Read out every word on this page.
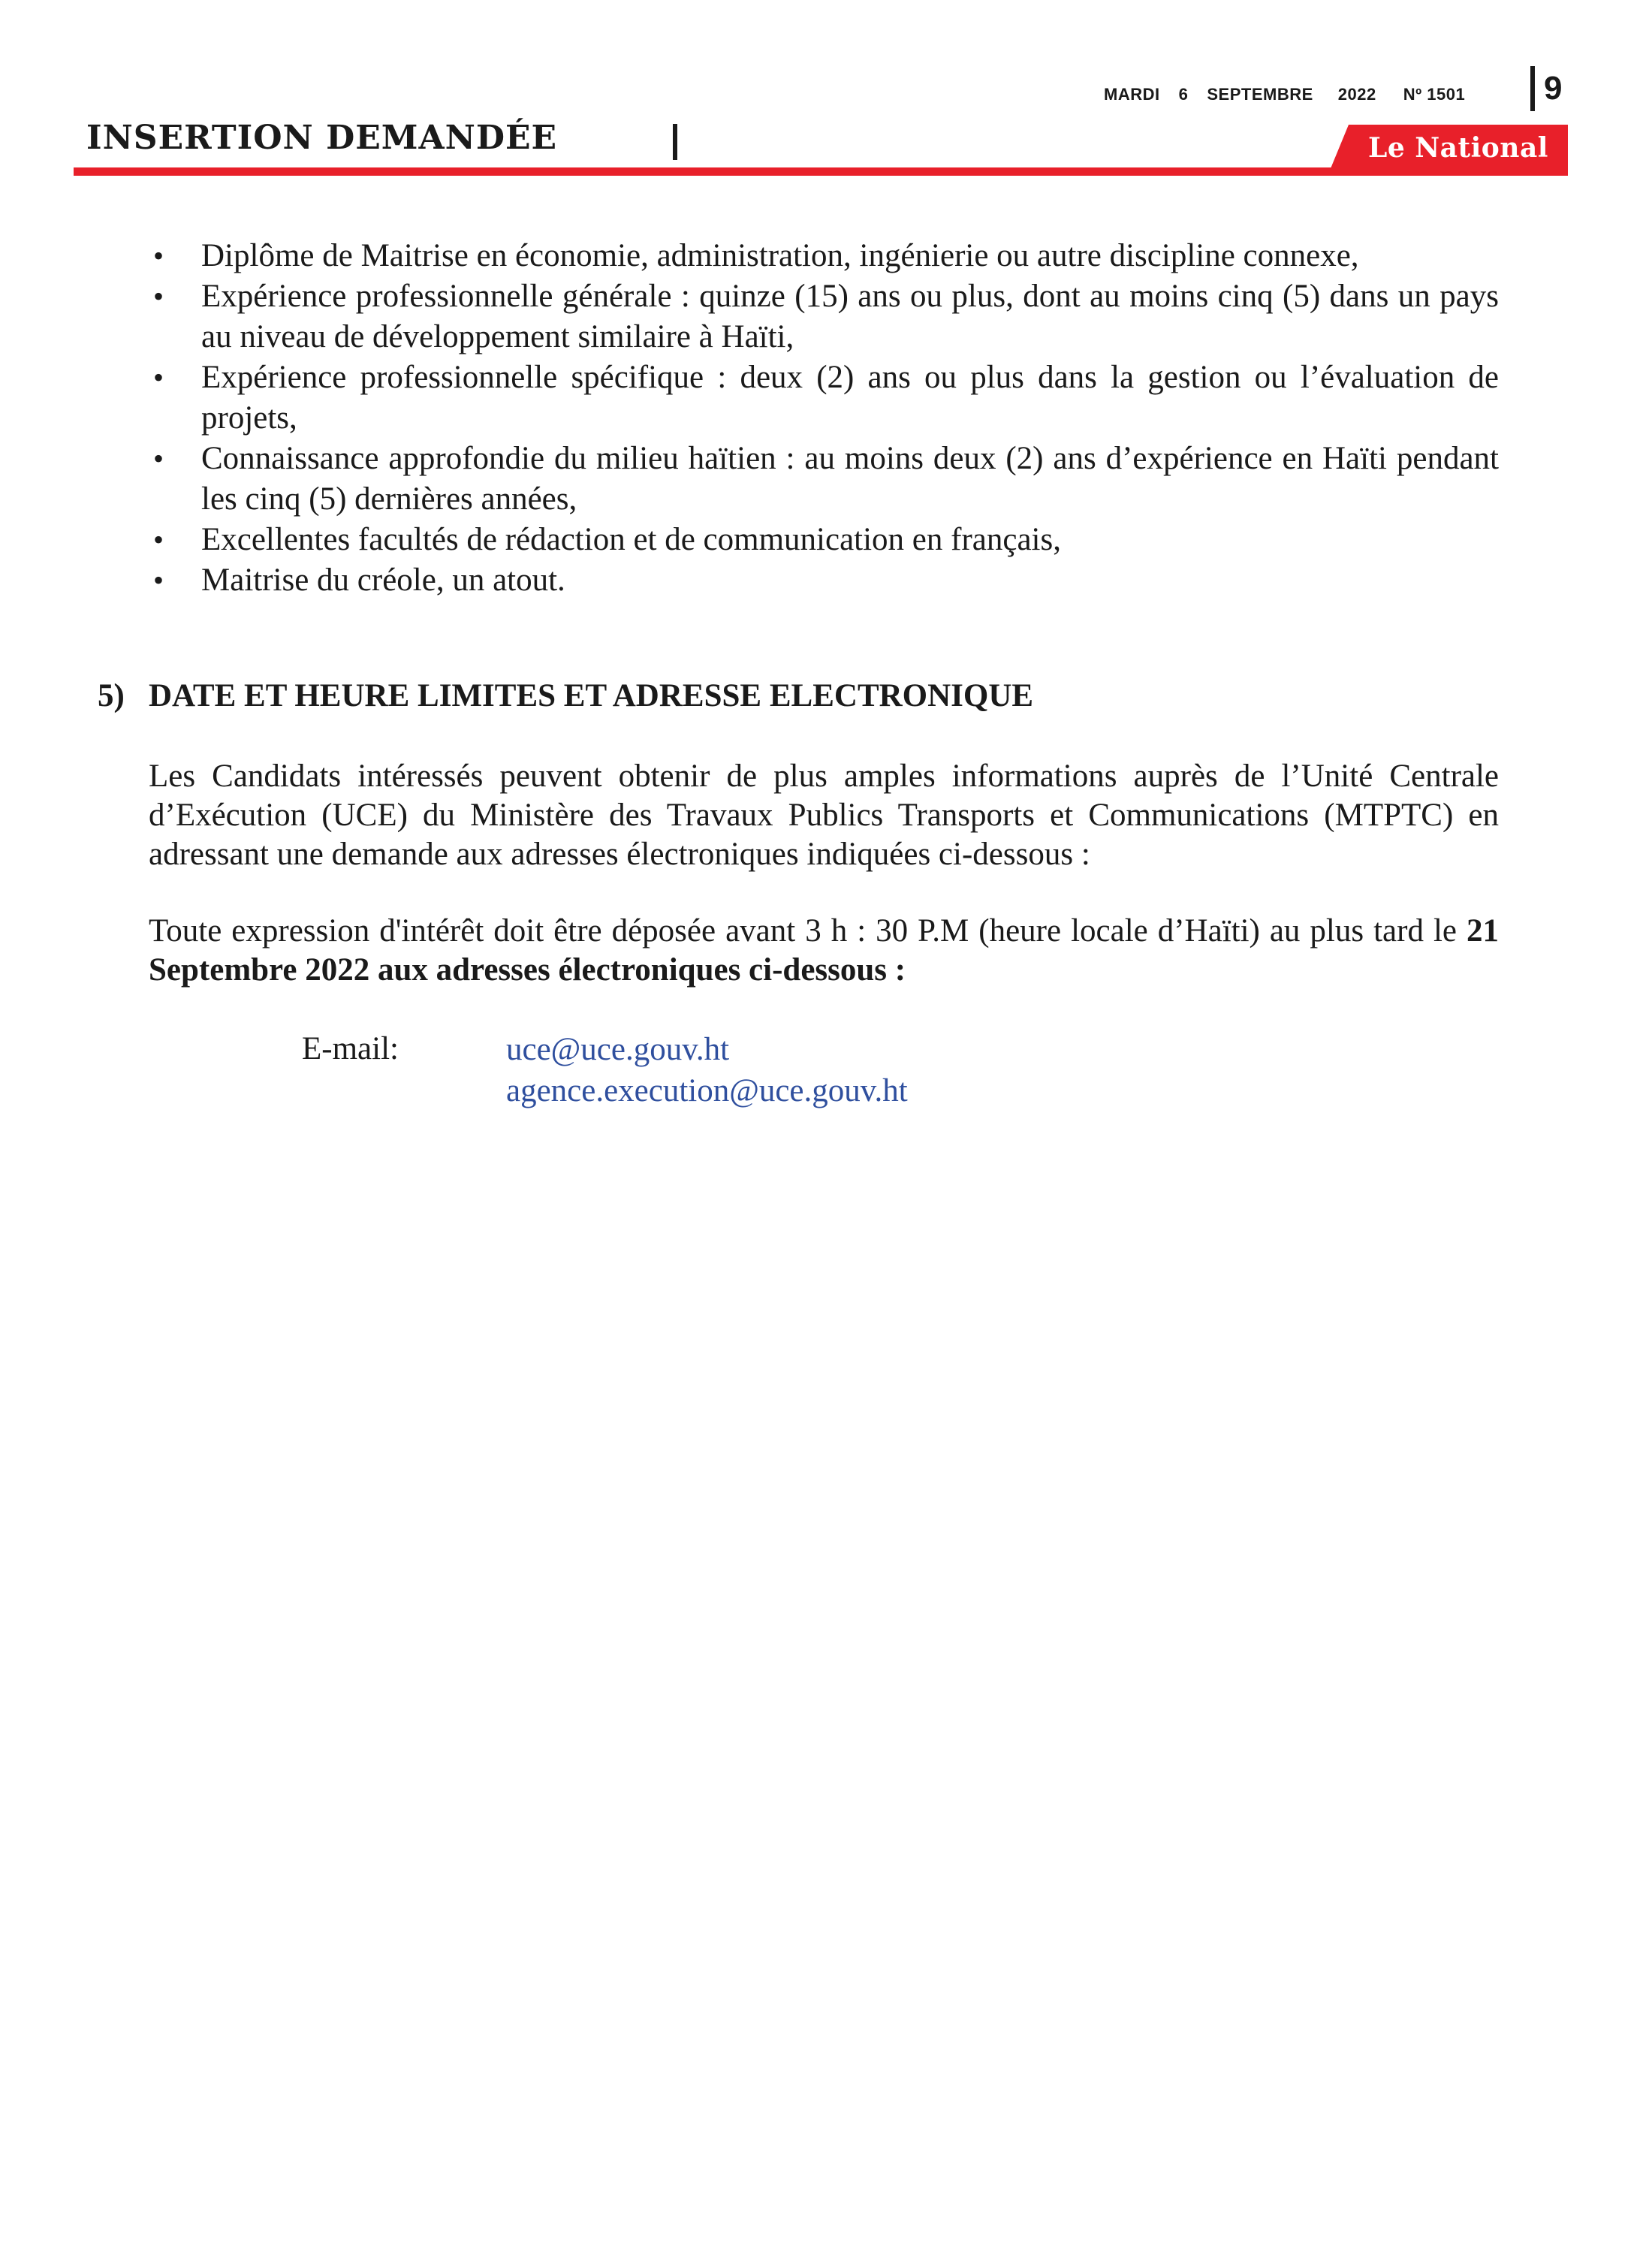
MARDI 6 SEPTEMBRE 2022 Nº 1501	9
INSERTION DEMANDÉE	Le National
• Diplôme de Maitrise en économie, administration, ingénierie ou autre discipline connexe,
• Expérience professionnelle générale : quinze (15) ans ou plus, dont au moins cinq (5) dans un pays au niveau de développement similaire à Haïti,
• Expérience professionnelle spécifique : deux (2) ans ou plus dans la gestion ou l’évaluation de projets,
• Connaissance approfondie du milieu haïtien : au moins deux (2) ans d’expérience en Haïti pendant les cinq (5) dernières années,
• Excellentes facultés de rédaction et de communication en français,
• Maitrise du créole, un atout.
5) DATE ET HEURE LIMITES ET ADRESSE ELECTRONIQUE
Les Candidats intéressés peuvent obtenir de plus amples informations auprès de l’Unité Centrale d’Exécution (UCE) du Ministère des Travaux Publics Transports et Communications (MTPTC) en adressant une demande aux adresses électroniques indiquées ci-dessous :
Toute expression d'intérêt doit être déposée avant 3 h : 30 P.M (heure locale d’Haïti) au plus tard le 21 Septembre 2022 aux adresses électroniques ci-dessous :
E-mail:	uce@uce.gouv.ht
agence.execution@uce.gouv.ht
